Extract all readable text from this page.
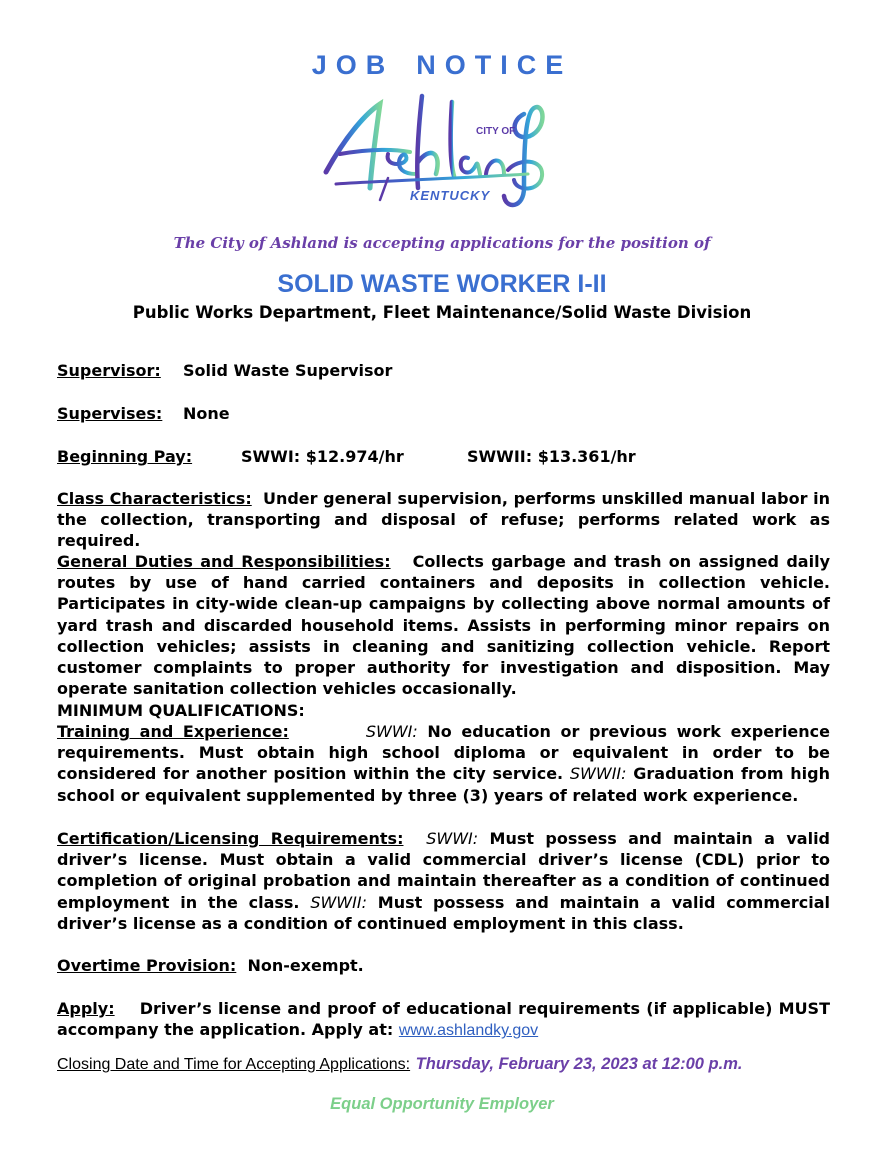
JOB NOTICE
CITY OF
KENTUCKY
The City of Ashland is accepting applications for the position of
SOLID WASTE WORKER I-II
Public Works Department, Fleet Maintenance/Solid Waste Division
Supervisor: Solid Waste Supervisor
Supervises: None
Beginning Pay:	SWWI: $12.974/hr	SWWII: $13.361/hr
Class Characteristics: Under general supervision, performs unskilled manual labor in the collection, transporting and disposal of refuse; performs related work as required.
General Duties and Responsibilities: Collects garbage and trash on assigned daily routes by use of hand carried containers and deposits in collection vehicle. Participates in city-wide clean-up campaigns by collecting above normal amounts of yard trash and discarded household items. Assists in performing minor repairs on collection vehicles; assists in cleaning and sanitizing collection vehicle. Report customer complaints to proper authority for investigation and disposition. May operate sanitation collection vehicles occasionally.
MINIMUM QUALIFICATIONS:
Training and Experience:	SWWI: No education or previous work experience requirements. Must obtain high school diploma or equivalent in order to be considered for another position within the city service. SWWII: Graduation from high school or equivalent supplemented by three (3) years of related work experience.
Certification/Licensing Requirements: SWWI: Must possess and maintain a valid driver’s license. Must obtain a valid commercial driver’s license (CDL) prior to completion of original probation and maintain thereafter as a condition of continued employment in the class. SWWII: Must possess and maintain a valid commercial driver’s license as a condition of continued employment in this class.
Overtime Provision: Non-exempt.
Apply: Driver’s license and proof of educational requirements (if applicable) MUST accompany the application. Apply at: www.ashlandky.gov
Closing Date and Time for Accepting Applications: Thursday, February 23, 2023 at 12:00 p.m.
Equal Opportunity Employer
